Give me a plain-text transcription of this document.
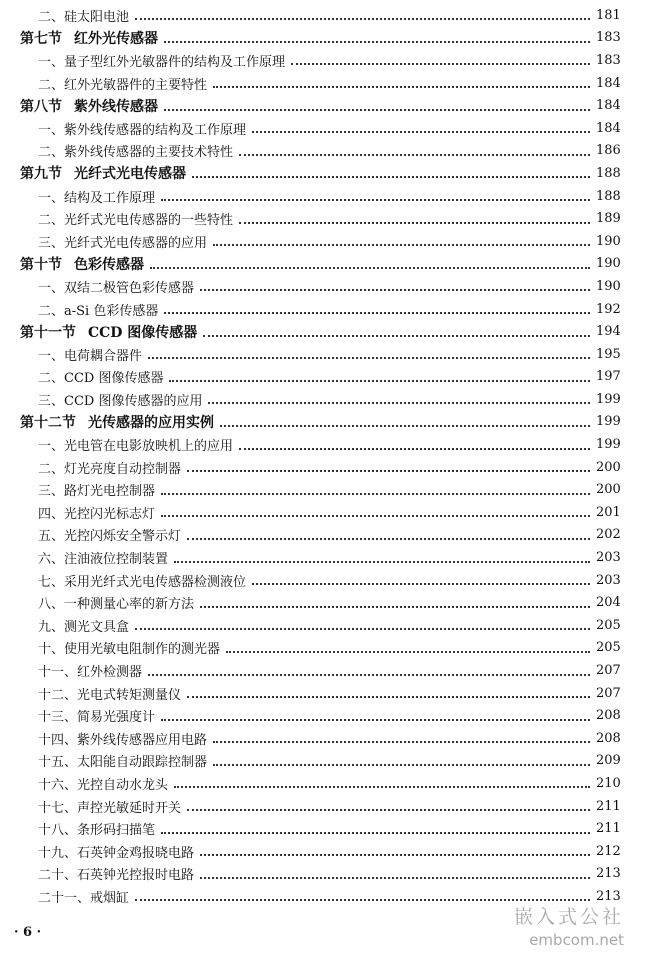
二、硅太阳电池	181
第七节 红外光传感器	183
一、量子型红外光敏器件的结构及工作原理	183
二、红外光敏器件的主要特性	184
第八节 紫外线传感器	184
一、紫外线传感器的结构及工作原理	184
二、紫外线传感器的主要技术特性	186
第九节 光纤式光电传感器	188
一、结构及工作原理	188
二、光纤式光电传感器的一些特性	189
三、光纤式光电传感器的应用	190
第十节 色彩传感器	190
一、双结二极管色彩传感器	190
二、a-Si 色彩传感器	192
第十一节 CCD 图像传感器	194
一、电荷耦合器件	195
二、CCD 图像传感器	197
三、CCD 图像传感器的应用	199
第十二节 光传感器的应用实例	199
一、光电管在电影放映机上的应用	199
二、灯光亮度自动控制器	200
三、路灯光电控制器	200
四、光控闪光标志灯	201
五、光控闪烁安全警示灯	202
六、注油液位控制装置	203
七、采用光纤式光电传感器检测液位	203
八、一种测量心率的新方法	204
九、测光文具盒	205
十、使用光敏电阻制作的测光器	205
十一、红外检测器	207
十二、光电式转矩测量仪	207
十三、简易光强度计	208
十四、紫外线传感器应用电路	208
十五、太阳能自动跟踪控制器	209
十六、光控自动水龙头	210
十七、声控光敏延时开关	211
十八、条形码扫描笔	211
十九、石英钟金鸡报晓电路	212
二十、石英钟光控报时电路	213
二十一、戒烟缸	213
· 6 ·
嵌入式公社
embcom.net
